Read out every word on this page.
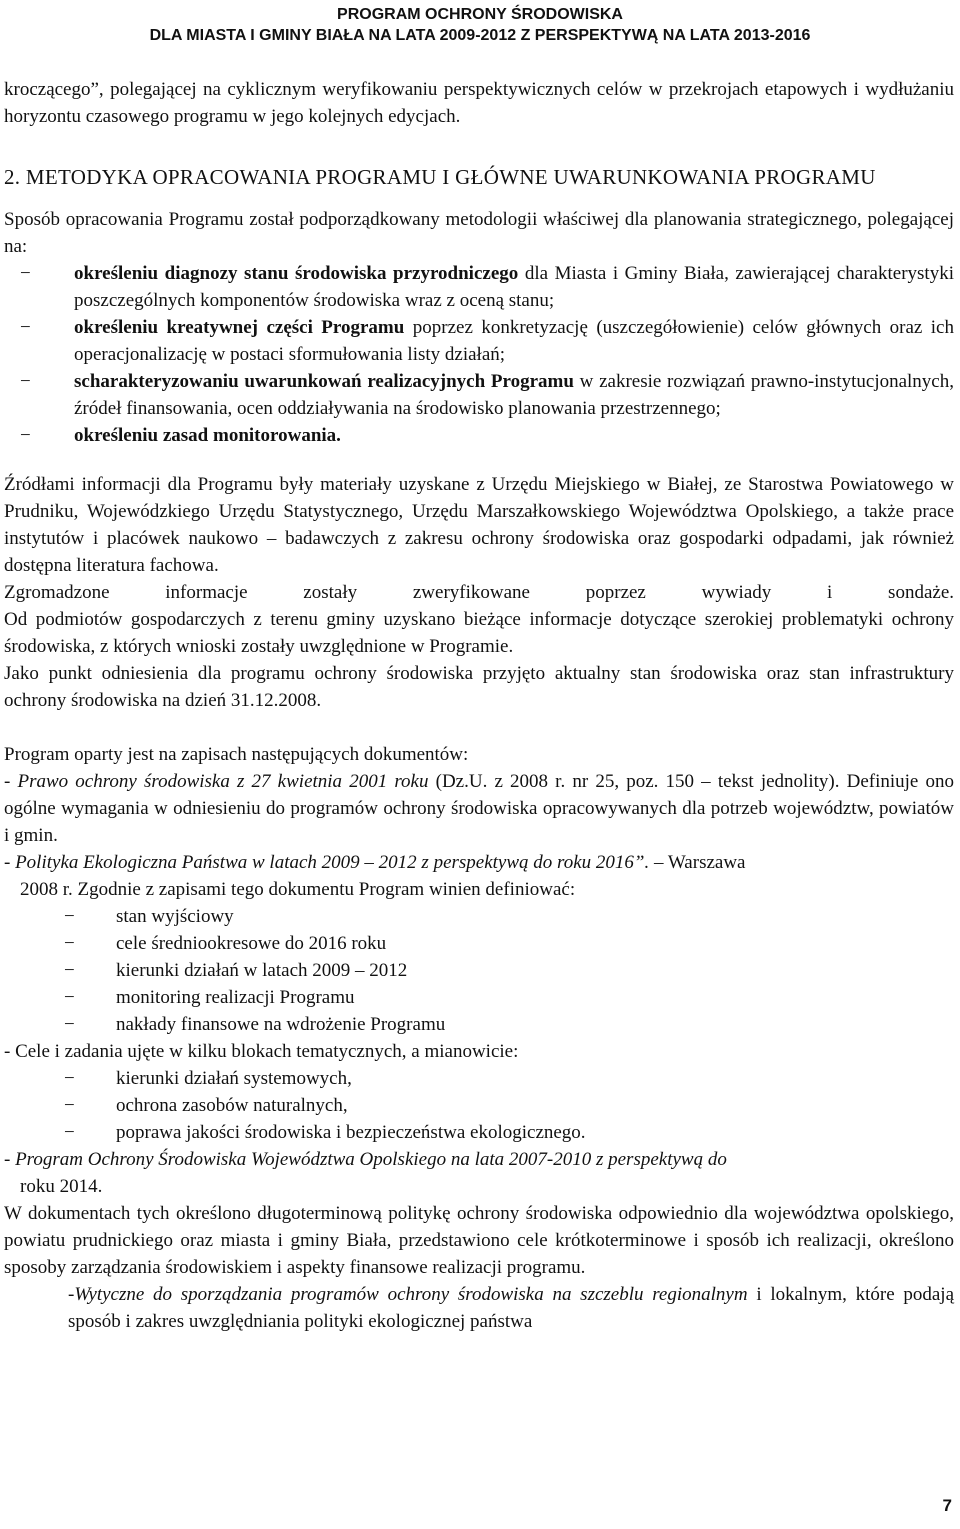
PROGRAM OCHRONY ŚRODOWISKA
DLA MIASTA I GMINY BIAŁA NA LATA 2009-2012 Z PERSPEKTYWĄ NA LATA 2013-2016

kroczącego”, polegającej na cyklicznym weryfikowaniu perspektywicznych celów w przekrojach etapowych i wydłużaniu horyzontu czasowego programu w jego kolejnych edycjach.

2. METODYKA OPRACOWANIA PROGRAMU I GŁÓWNE UWARUNKOWANIA PROGRAMU

Sposób opracowania Programu został podporządkowany metodologii właściwej dla planowania strategicznego, polegającej na:

− określeniu diagnozy stanu środowiska przyrodniczego dla Miasta i Gminy Biała, zawierającej charakterystyki poszczególnych komponentów środowiska wraz z oceną stanu;

− określeniu kreatywnej części Programu poprzez konkretyzację (uszczegółowienie) celów głównych oraz ich operacjonalizację w postaci sformułowania listy działań;

− scharakteryzowaniu uwarunkowań realizacyjnych Programu w zakresie rozwiązań prawno-instytucjonalnych, źródeł finansowania, ocen oddziaływania na środowisko planowania przestrzennego;

− określeniu zasad monitorowania.

Źródłami informacji dla Programu były materiały uzyskane z Urzędu Miejskiego w Białej, ze Starostwa Powiatowego w Prudniku, Wojewódzkiego Urzędu Statystycznego, Urzędu Marszałkowskiego Województwa Opolskiego, a także prace instytutów i placówek naukowo – badawczych z zakresu ochrony środowiska oraz gospodarki odpadami, jak również dostępna literatura fachowa.

Zgromadzone informacje zostały zweryfikowane poprzez wywiady i sondaże.

Od podmiotów gospodarczych z terenu gminy uzyskano bieżące informacje dotyczące szerokiej problematyki ochrony środowiska, z których wnioski zostały uwzględnione w Programie.

Jako punkt odniesienia dla programu ochrony środowiska przyjęto aktualny stan środowiska oraz stan infrastruktury ochrony środowiska na dzień 31.12.2008.

Program oparty jest na zapisach następujących dokumentów:

- Prawo ochrony środowiska z 27 kwietnia 2001 roku (Dz.U. z 2008 r. nr 25, poz. 150 – tekst jednolity). Definiuje ono ogólne wymagania w odniesieniu do programów ochrony środowiska opracowywanych dla potrzeb województw, powiatów i gmin.

- Polityka Ekologiczna Państwa w latach 2009 – 2012 z perspektywą do roku 2016”. – Warszawa

2008 r. Zgodnie z zapisami tego dokumentu Program winien definiować:

− stan wyjściowy

− cele średniookresowe do 2016 roku

− kierunki działań w latach 2009 – 2012

− monitoring realizacji Programu

− nakłady finansowe na wdrożenie Programu

- Cele i zadania ujęte w kilku blokach tematycznych, a mianowicie:

− kierunki działań systemowych,

− ochrona zasobów naturalnych,

− poprawa jakości środowiska i bezpieczeństwa ekologicznego.

- Program Ochrony Środowiska Województwa Opolskiego na lata 2007-2010 z perspektywą do

roku 2014.

W dokumentach tych określono długoterminową politykę ochrony środowiska odpowiednio dla województwa opolskiego, powiatu prudnickiego oraz miasta i gminy Biała, przedstawiono cele krótkoterminowe i sposób ich realizacji, określono sposoby zarządzania środowiskiem i aspekty finansowe realizacji programu.

-Wytyczne do sporządzania programów ochrony środowiska na szczeblu regionalnym i lokalnym, które podają sposób i zakres uwzględniania polityki ekologicznej państwa

7
